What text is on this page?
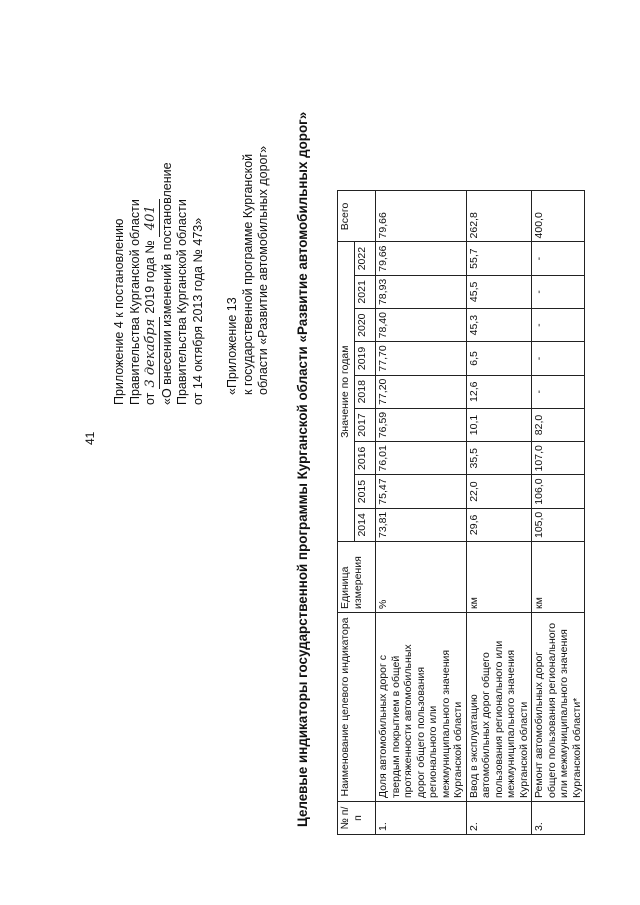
41
Приложение 4 к постановлению Правительства Курганской области от 3 декабря 2019 года № 401 «О внесении изменений в постановление Правительства Курганской области от 14 октября 2013 года № 473» «Приложение 13 к государственной программе Курганской области «Развитие автомобильных дорог» Целевые индикаторы государственной программы Курганской области «Развитие автомобильных дорог»	№ п/п	Наименование целевого индикатора	Единица измерения	Значение по годам									Всего
			2014	2015	2016	2017	2018	2019	2020	2021	2022	
1.	Доля автомобильных дорог с твердым покрытием в общей протяженности автомобильных дорог общего пользования регионального или межмуниципального значения Курганской области	%	73,81	75,47	76,01	76,59	77,20	77,70	78,40	78,93	79,66	79,66
2.	Ввод в эксплуатацию автомобильных дорог общего пользования регионального или межмуниципального значения Курганской области	км	29,6	22,0	35,5	10,1	12,6	6,5	45,3	45,5	55,7	262,8
3.	Ремонт автомобильных дорог общего пользования регионального или межмуниципального значения Курганской области*	км	105,0	106,0	107,0	82,0	-	-	-	-	-	400,0
